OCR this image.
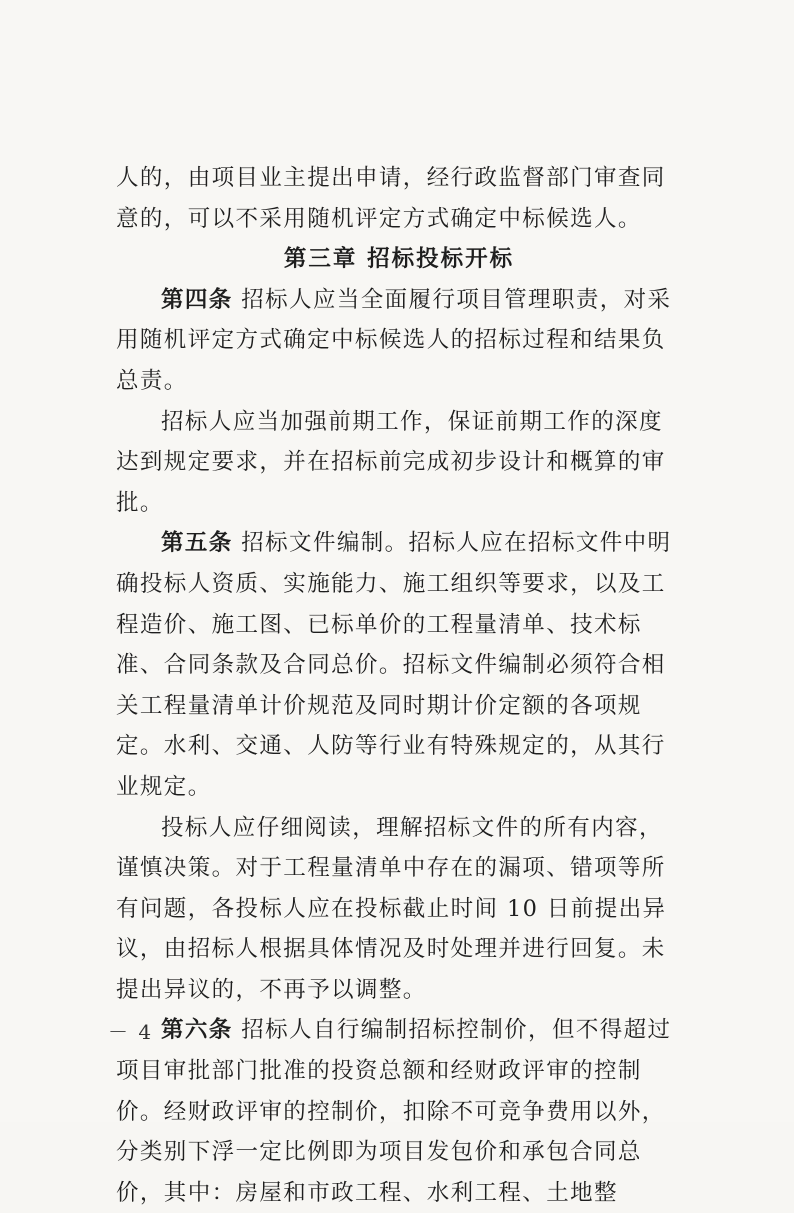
人的，由项目业主提出申请，经行政监督部门审查同意的，可以不采用随机评定方式确定中标候选人。

第三章 招标投标开标

第四条 招标人应当全面履行项目管理职责，对采用随机评定方式确定中标候选人的招标过程和结果负总责。

招标人应当加强前期工作，保证前期工作的深度达到规定要求，并在招标前完成初步设计和概算的审批。

第五条 招标文件编制。招标人应在招标文件中明确投标人资质、实施能力、施工组织等要求，以及工程造价、施工图、已标单价的工程量清单、技术标准、合同条款及合同总价。招标文件编制必须符合相关工程量清单计价规范及同时期计价定额的各项规定。水利、交通、人防等行业有特殊规定的，从其行业规定。

投标人应仔细阅读，理解招标文件的所有内容，谨慎决策。对于工程量清单中存在的漏项、错项等所有问题，各投标人应在投标截止时间 10 日前提出异议，由招标人根据具体情况及时处理并进行回复。未提出异议的，不再予以调整。

第六条 招标人自行编制招标控制价，但不得超过项目审批部门批准的投资总额和经财政评审的控制价。经财政评审的控制价，扣除不可竞争费用以外，分类别下浮一定比例即为项目发包价和承包合同总价，其中：房屋和市政工程、水利工程、土地整

－ 4 －
